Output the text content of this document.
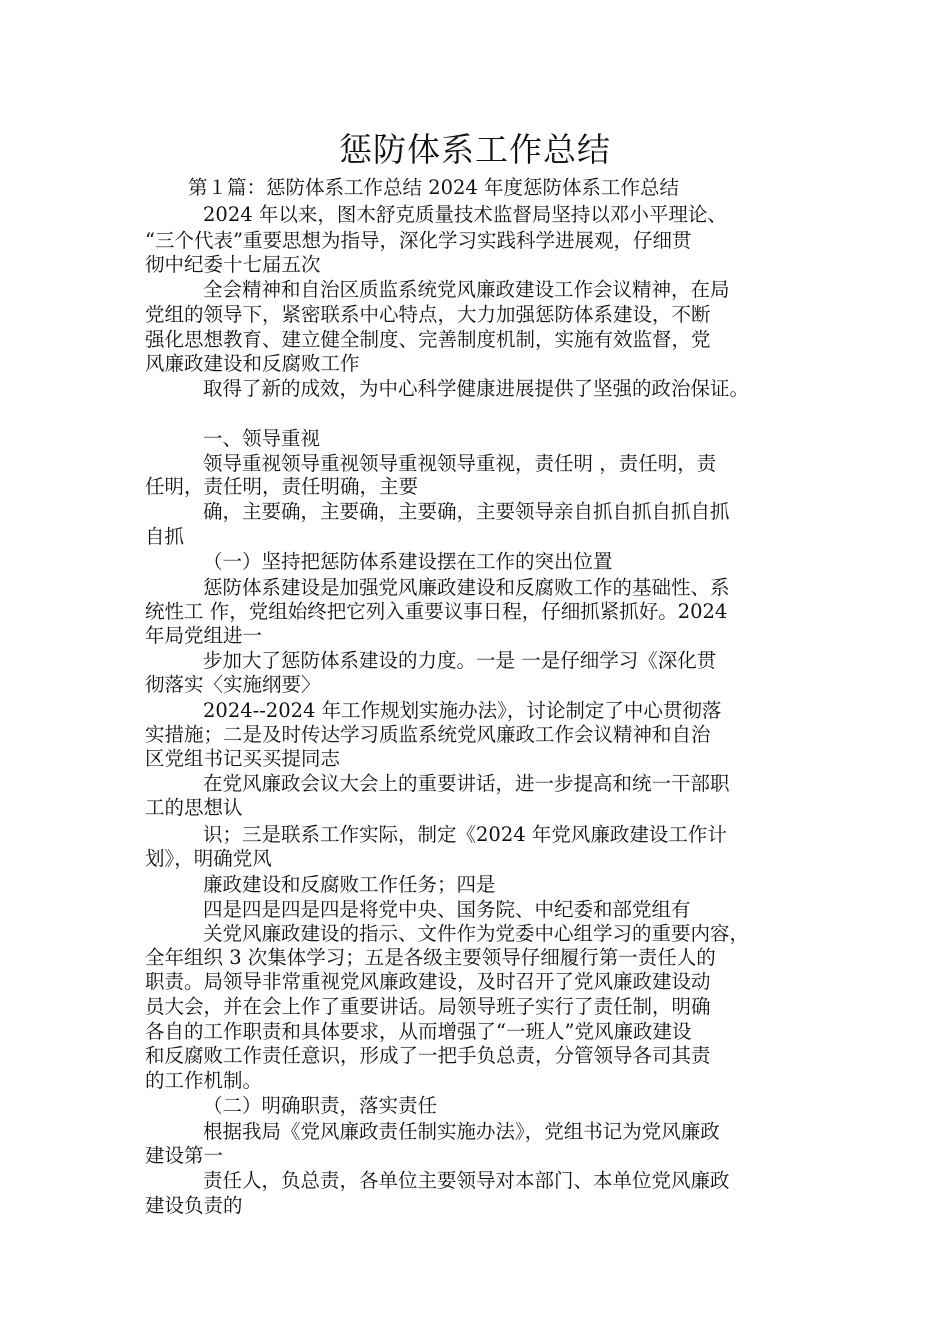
惩防体系工作总结
第１篇：惩防体系工作总结 2024 年度惩防体系工作总结
2024 年以来，图木舒克质量技术监督局坚持以邓小平理论、
“三个代表”重要思想为指导，深化学习实践科学进展观，仔细贯
彻中纪委十七届五次
全会精神和自治区质监系统党风廉政建设工作会议精神，在局
党组的领导下，紧密联系中心特点，大力加强惩防体系建设，不断
强化思想教育、建立健全制度、完善制度机制，实施有效监督，党
风廉政建设和反腐败工作
取得了新的成效，为中心科学健康进展提供了坚强的政治保证。
一、领导重视
领导重视领导重视领导重视领导重视，责任明 ，责任明，责
任明，责任明，责任明确，主要
确，主要确，主要确，主要确，主要领导亲自抓自抓自抓自抓
自抓
（一）坚持把惩防体系建设摆在工作的突出位置
惩防体系建设是加强党风廉政建设和反腐败工作的基础性、系
统性工 作，党组始终把它列入重要议事日程，仔细抓紧抓好。2024
年局党组进一
步加大了惩防体系建设的力度。一是 一是仔细学习《深化贯
彻落实〈实施纲要〉
2024--2024 年工作规划实施办法》，讨论制定了中心贯彻落
实措施；二是及时传达学习质监系统党风廉政工作会议精神和自治
区党组书记买买提同志
在党风廉政会议大会上的重要讲话，进一步提高和统一干部职
工的思想认
识；三是联系工作实际，制定《2024 年党风廉政建设工作计
划》，明确党风
廉政建设和反腐败工作任务；四是
四是四是四是四是将党中央、国务院、中纪委和部党组有
关党风廉政建设的指示、文件作为党委中心组学习的重要内容，
全年组织 3 次集体学习；五是各级主要领导仔细履行第一责任人的
职责。局领导非常重视党风廉政建设，及时召开了党风廉政建设动
员大会，并在会上作了重要讲话。局领导班子实行了责任制，明确
各自的工作职责和具体要求，从而增强了“一班人”党风廉政建设
和反腐败工作责任意识，形成了一把手负总责，分管领导各司其责
的工作机制。
（二）明确职责，落实责任
根据我局《党风廉政责任制实施办法》，党组书记为党风廉政
建设第一
责任人，负总责，各单位主要领导对本部门、本单位党风廉政
建设负责的
